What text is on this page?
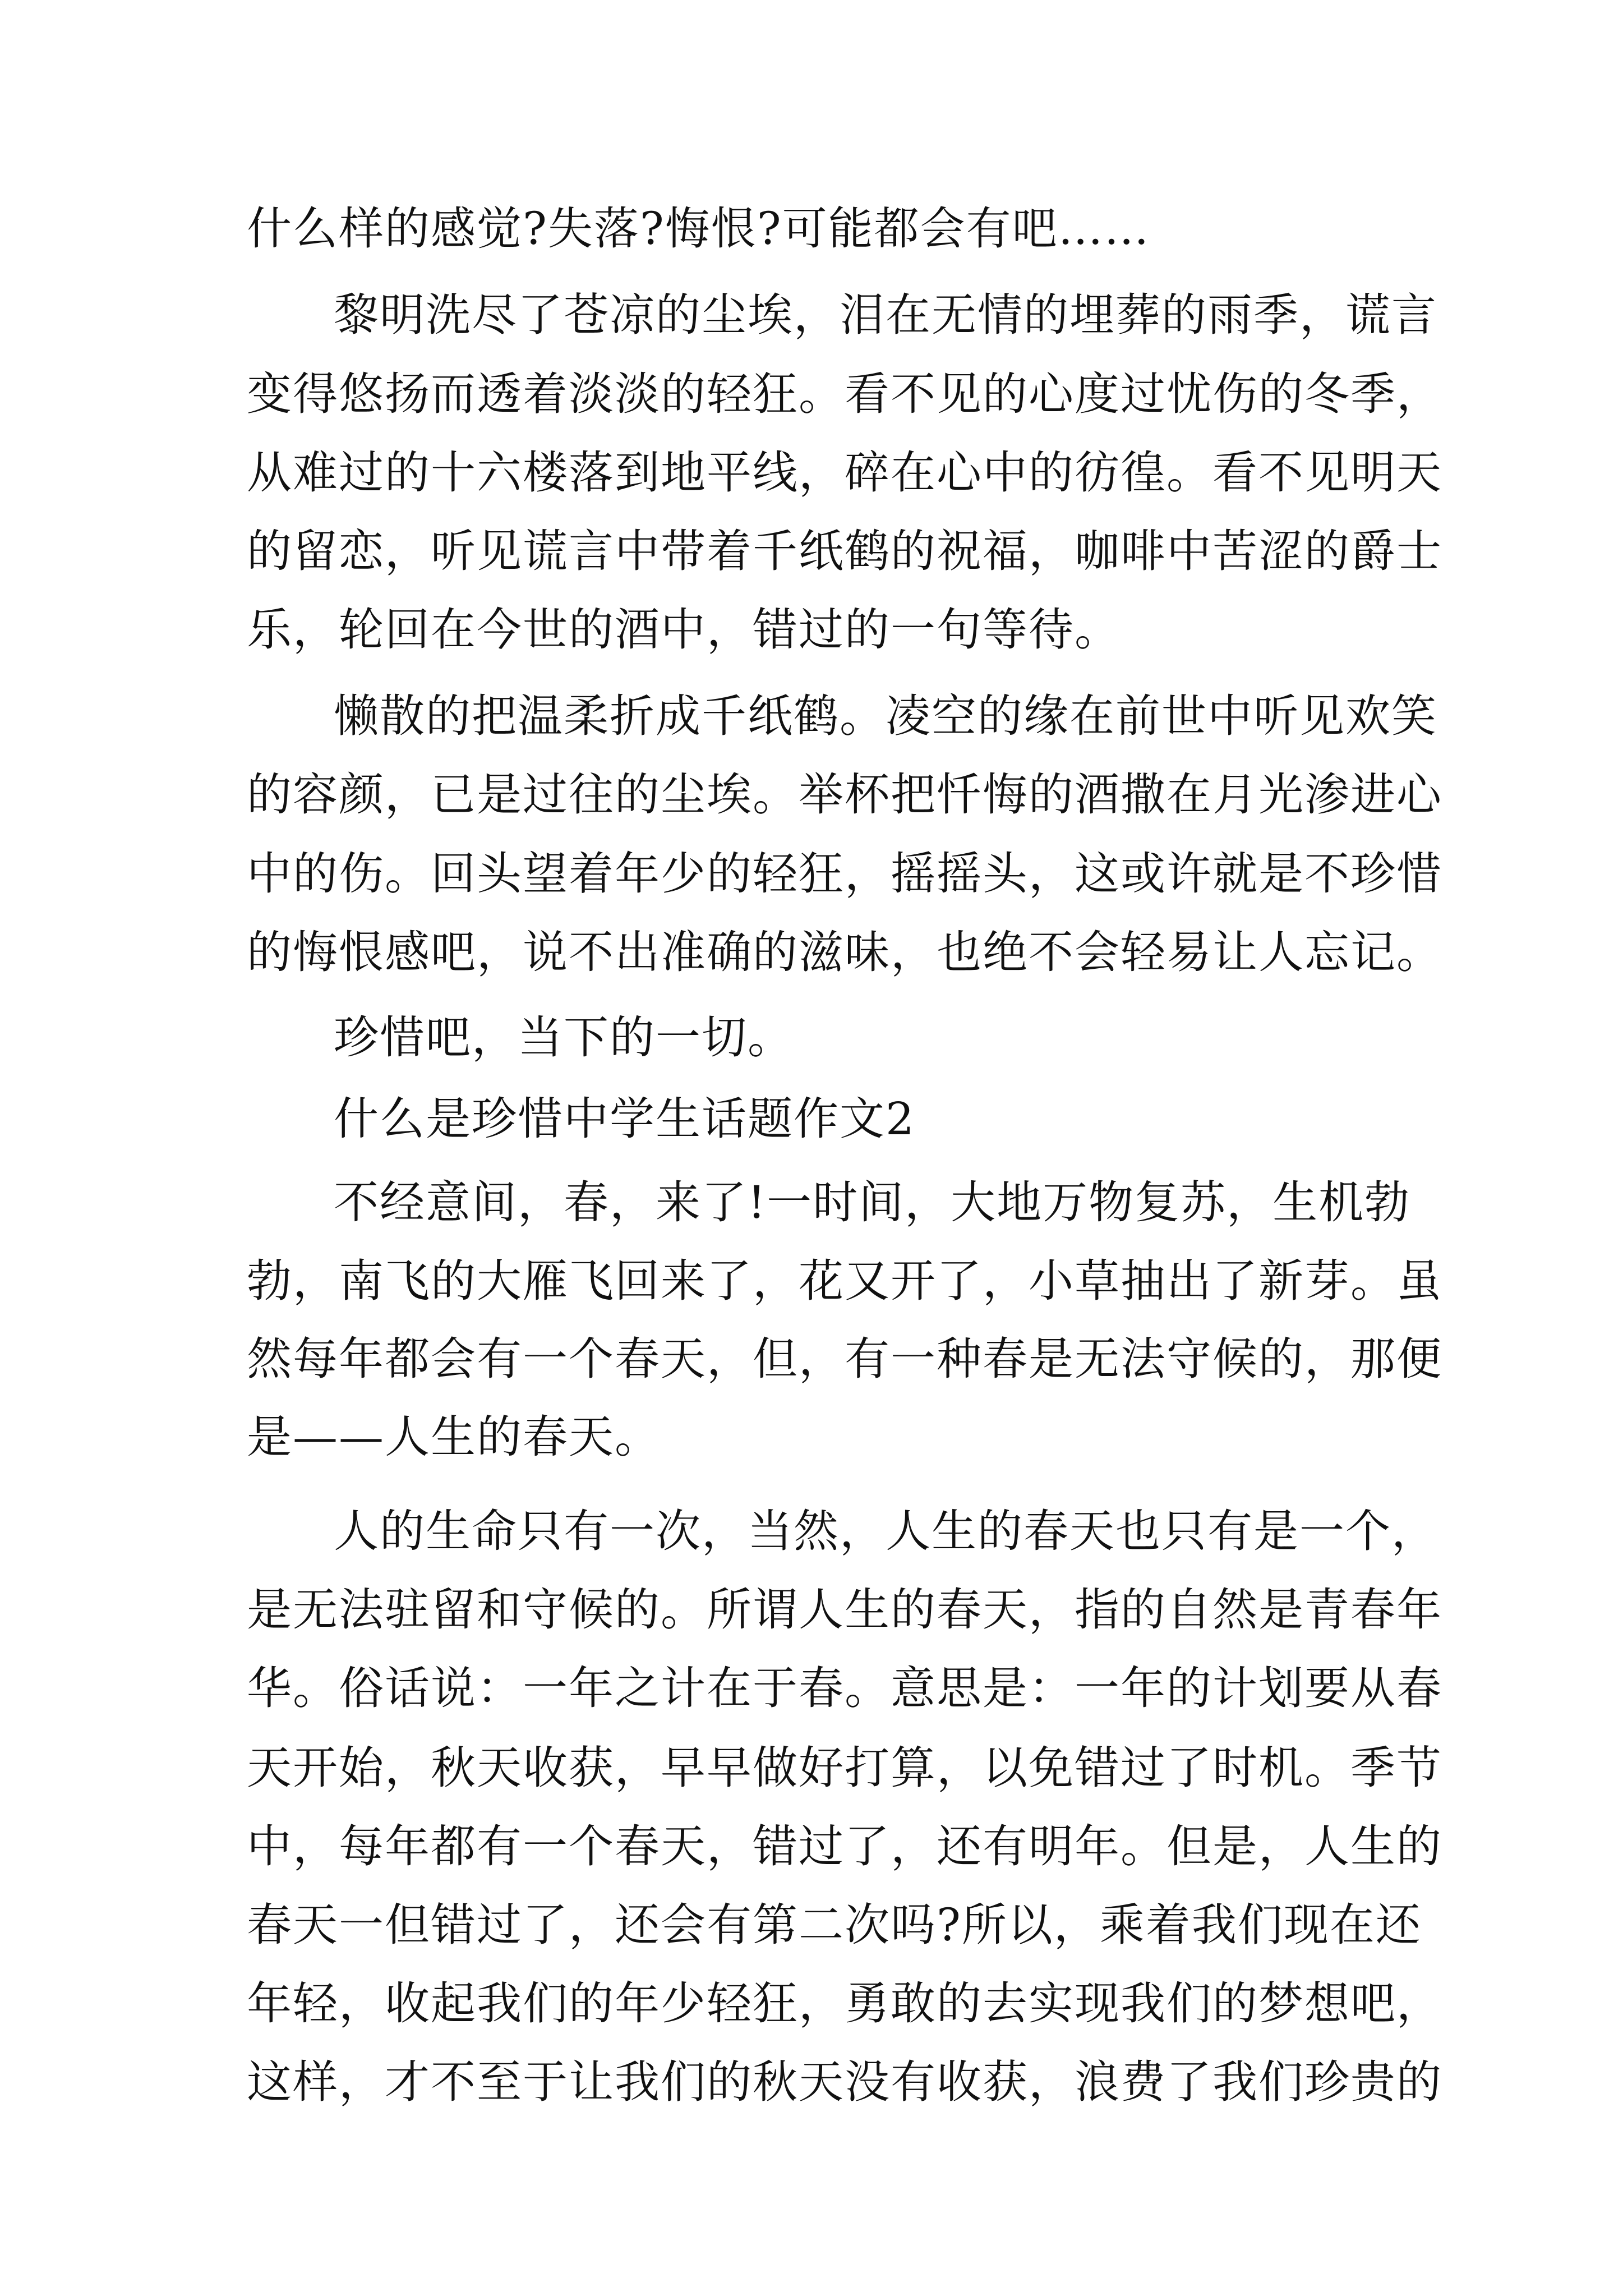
什么样的感觉?失落?悔恨?可能都会有吧……
黎明洗尽了苍凉的尘埃，泪在无情的埋葬的雨季，谎言
变得悠扬而透着淡淡的轻狂。看不见的心度过忧伤的冬季，
从难过的十六楼落到地平线，碎在心中的彷徨。看不见明天
的留恋，听见谎言中带着千纸鹤的祝福，咖啡中苦涩的爵士
乐，轮回在今世的酒中，错过的一句等待。
懒散的把温柔折成千纸鹤。凌空的缘在前世中听见欢笑
的容颜，已是过往的尘埃。举杯把忏悔的酒撒在月光渗进心
中的伤。回头望着年少的轻狂，摇摇头，这或许就是不珍惜
的悔恨感吧，说不出准确的滋味，也绝不会轻易让人忘记。
珍惜吧，当下的一切。
什么是珍惜中学生话题作文2
不经意间，春，来了!一时间，大地万物复苏，生机勃
勃，南飞的大雁飞回来了，花又开了，小草抽出了新芽。虽
然每年都会有一个春天，但，有一种春是无法守候的，那便
是——人生的春天。
人的生命只有一次，当然，人生的春天也只有是一个，
是无法驻留和守候的。所谓人生的春天，指的自然是青春年
华。俗话说：一年之计在于春。意思是：一年的计划要从春
天开始，秋天收获，早早做好打算，以免错过了时机。季节
中，每年都有一个春天，错过了，还有明年。但是，人生的
春天一但错过了，还会有第二次吗?所以，乘着我们现在还
年轻，收起我们的年少轻狂，勇敢的去实现我们的梦想吧，
这样，才不至于让我们的秋天没有收获，浪费了我们珍贵的
